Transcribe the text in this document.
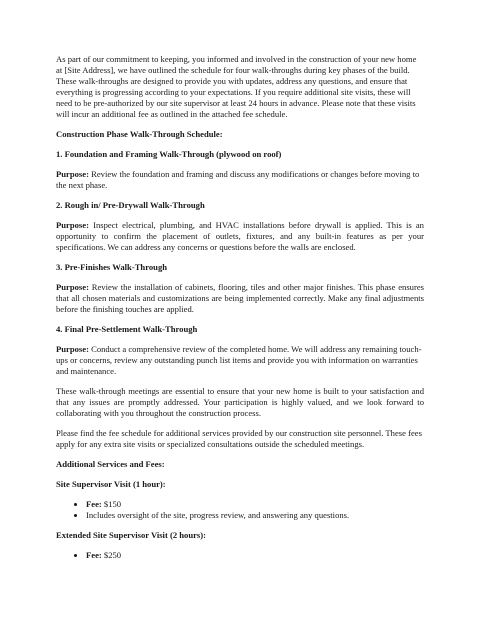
As part of our commitment to keeping, you informed and involved in the construction of your new home at [Site Address], we have outlined the schedule for four walk-throughs during key phases of the build. These walk-throughs are designed to provide you with updates, address any questions, and ensure that everything is progressing according to your expectations. If you require additional site visits, these will need to be pre-authorized by our site supervisor at least 24 hours in advance. Please note that these visits will incur an additional fee as outlined in the attached fee schedule.

Construction Phase Walk-Through Schedule:

1. Foundation and Framing Walk-Through (plywood on roof)

Purpose: Review the foundation and framing and discuss any modifications or changes before moving to the next phase.

2. Rough in/ Pre-Drywall Walk-Through

Purpose: Inspect electrical, plumbing, and HVAC installations before drywall is applied. This is an opportunity to confirm the placement of outlets, fixtures, and any built-in features as per your specifications. We can address any concerns or questions before the walls are enclosed.

3. Pre-Finishes Walk-Through

Purpose: Review the installation of cabinets, flooring, tiles and other major finishes. This phase ensures that all chosen materials and customizations are being implemented correctly. Make any final adjustments before the finishing touches are applied.

4. Final Pre-Settlement Walk-Through

Purpose: Conduct a comprehensive review of the completed home. We will address any remaining touch-ups or concerns, review any outstanding punch list items and provide you with information on warranties and maintenance.

These walk-through meetings are essential to ensure that your new home is built to your satisfaction and that any issues are promptly addressed. Your participation is highly valued, and we look forward to collaborating with you throughout the construction process.

Please find the fee schedule for additional services provided by our construction site personnel. These fees apply for any extra site visits or specialized consultations outside the scheduled meetings.

Additional Services and Fees:

Site Supervisor Visit (1 hour):

• Fee: $150
• Includes oversight of the site, progress review, and answering any questions.

Extended Site Supervisor Visit (2 hours):

• Fee: $250
